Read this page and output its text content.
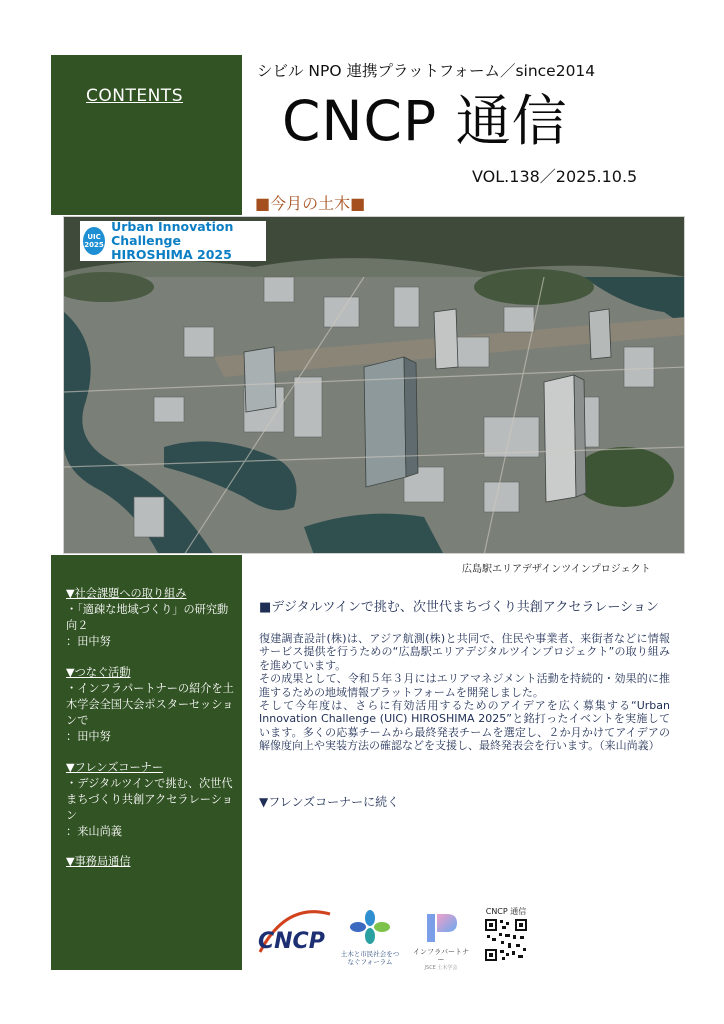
CONTENTS
▼社会課題への取り組み
・「適疎な地域づくり」の研究動向２
：田中努
▼つなぐ活動
・インフラパートナーの紹介を土木学会全国大会ポスターセッションで
：田中努
▼フレンズコーナー
・デジタルツインで挑む、次世代まちづくり共創アクセラレーション
：来山尚義
▼事務局通信
シビル NPO 連携プラットフォーム／since2014
CNCP 通信
VOL.138／2025.10.5
■今月の土木■
UIC 2025
Urban Innovation Challenge
HIROSHIMA 2025
広島駅エリアデザインツインプロジェクト
■デジタルツインで挑む、次世代まちづくり共創アクセラレーション

復建調査設計(株)は、アジア航測(株)と共同で、住民や事業者、来街者などに情報サービス提供を行うための“広島駅エリアデジタルツインプロジェクト”の取り組みを進めています。

その成果として、令和５年３月にはエリアマネジメント活動を持続的・効果的に推進するための地域情報プラットフォームを開発しました。

そして今年度は、さらに有効活用するためのアイデアを広く募集する“Urban Innovation Challenge (UIC) HIROSHIMA 2025”と銘打ったイベントを実施しています。多くの応募チームから最終発表チームを選定し、２か月かけてアイデアの解像度向上や実装方法の確認などを支援し、最終発表会を行います。（来山尚義）

▼フレンズコーナーに続く
CNCP	土木と市民社会をつなぐフォーラム
インフラパートナー
JSCE 土木学会
CNCP 通信
